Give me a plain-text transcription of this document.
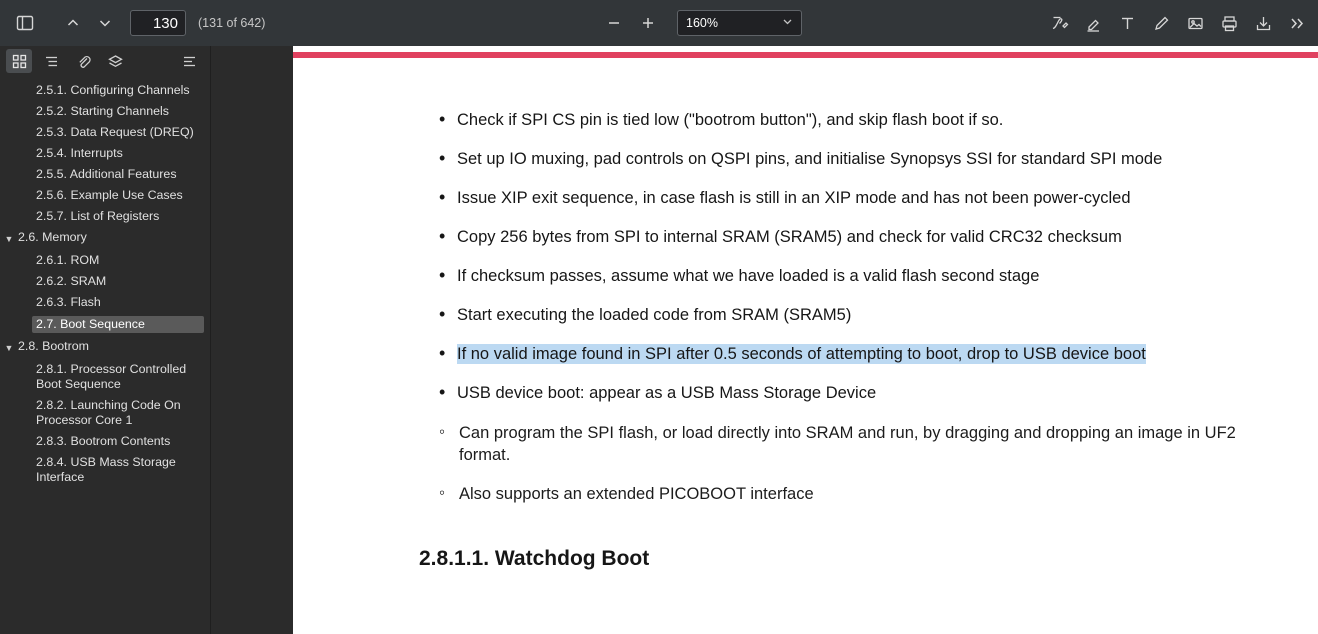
130
(131 of 642)	160%
2.5.1. Configuring Channels
2.5.2. Starting Channels
2.5.3. Data Request (DREQ)
2.5.4. Interrupts
2.5.5. Additional Features
2.5.6. Example Use Cases
2.5.7. List of Registers
▼ 2.6. Memory
2.6.1. ROM
2.6.2. SRAM
2.6.3. Flash
2.7. Boot Sequence
▼ 2.8. Bootrom
2.8.1. Processor Controlled Boot Sequence
2.8.2. Launching Code On Processor Core 1
2.8.3. Bootrom Contents
2.8.4. USB Mass Storage Interface
• Check if SPI CS pin is tied low ("bootrom button"), and skip flash boot if so.
• Set up IO muxing, pad controls on QSPI pins, and initialise Synopsys SSI for standard SPI mode
• Issue XIP exit sequence, in case flash is still in an XIP mode and has not been power-cycled
• Copy 256 bytes from SPI to internal SRAM (SRAM5) and check for valid CRC32 checksum
• If checksum passes, assume what we have loaded is a valid flash second stage
• Start executing the loaded code from SRAM (SRAM5)
• If no valid image found in SPI after 0.5 seconds of attempting to boot, drop to USB device boot
• USB device boot: appear as a USB Mass Storage Device
◦ Can program the SPI flash, or load directly into SRAM and run, by dragging and dropping an image in UF2 format.
◦ Also supports an extended PICOBOOT interface
2.8.1.1. Watchdog Boot
